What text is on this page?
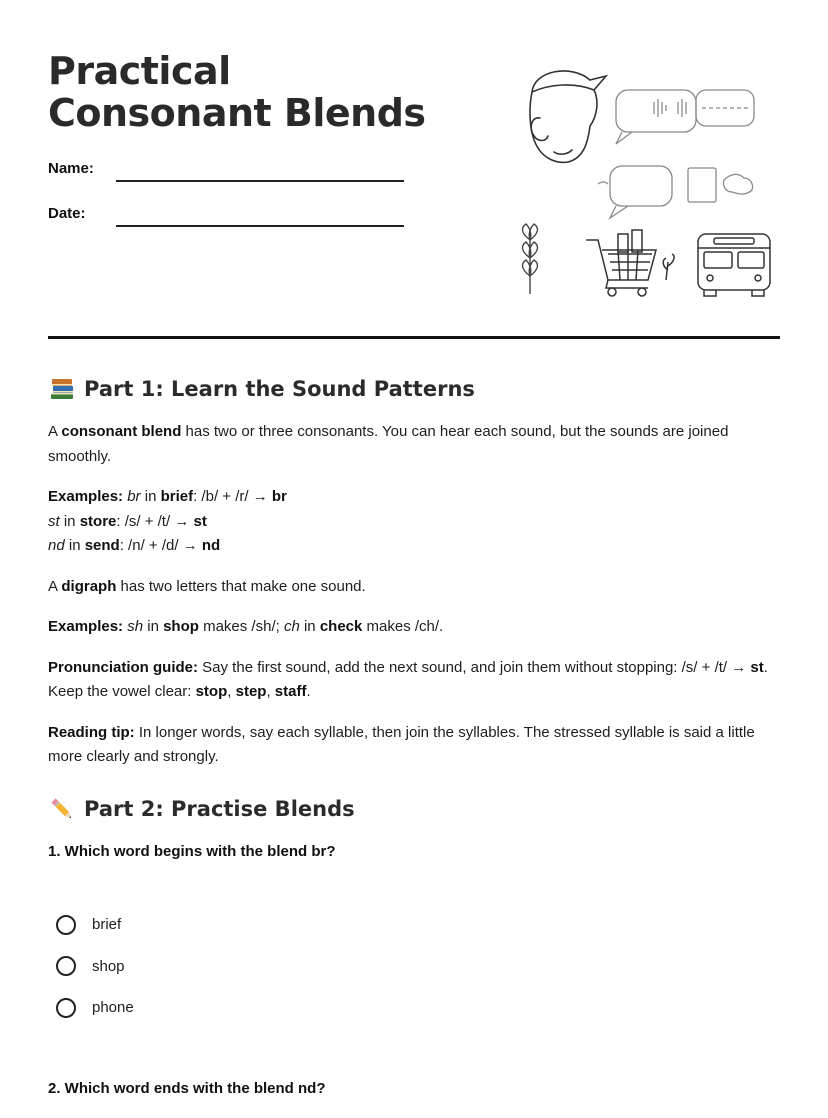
Practical Consonant Blends
Name:
Date:
Part 1: Learn the Sound Patterns

A consonant blend has two or three consonants. You can hear each sound, but the sounds are joined smoothly.

Examples: br in brief: /b/ + /r/ → br
st in store: /s/ + /t/ → st
nd in send: /n/ + /d/ → nd

A digraph has two letters that make one sound.

Examples: sh in shop makes /sh/; ch in check makes /ch/.

Pronunciation guide: Say the first sound, add the next sound, and join them without stopping: /s/ + /t/ → st. Keep the vowel clear: stop, step, staff.

Reading tip: In longer words, say each syllable, then join the syllables. The stressed syllable is said a little more clearly and strongly.

Part 2: Practise Blends

1. Which word begins with the blend br?

brief
shop
phone

2. Which word ends with the blend nd?
